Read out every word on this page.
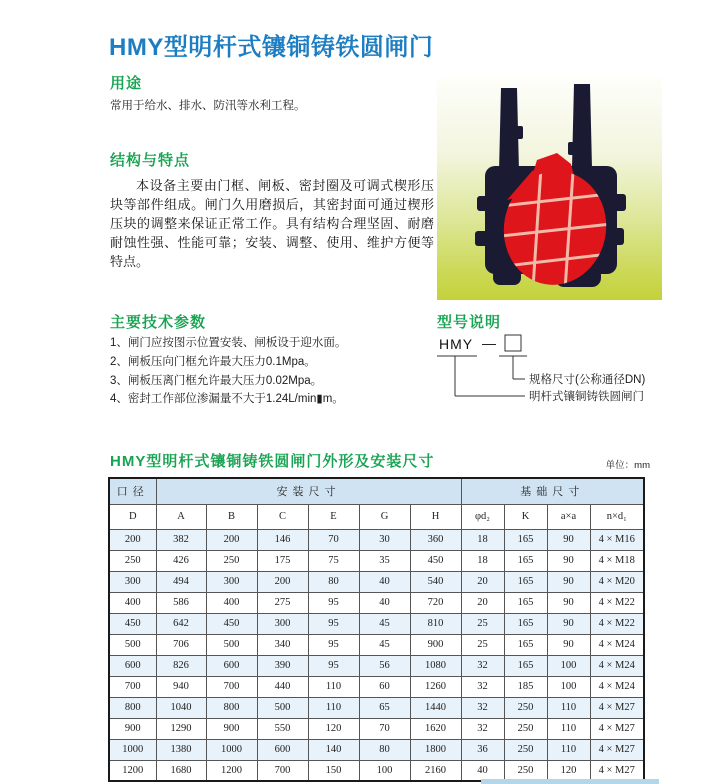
HMY型明杆式镶铜铸铁圆闸门
用途
常用于给水、排水、防汛等水利工程。
结构与特点
本设备主要由门框、闸板、密封圈及可调式楔形压块等部件组成。闸门久用磨损后，其密封面可通过楔形压块的调整来保证正常工作。具有结构合理坚固、耐磨耐蚀性强、性能可靠；安装、调整、使用、维护方便等特点。
主要技术参数
1、闸门应按图示位置安装、闸板设于迎水面。
2、闸板压向门框允许最大压力0.1Mpa。
3、闸板压离门框允许最大压力0.02Mpa。
4、密封工作部位渗漏量不大于1.24L/min▮m。
型号说明
HMY —
规格尺寸(公称通径DN)
明杆式镶铜铸铁圆闸门
HMY型明杆式镶铜铸铁圆闸门外形及安装尺寸	单位：mm
口径	安装尺寸						基础尺寸			
D	A	B	C	E	G	H	φd₂	K	a×a	n×d₁
200	382	200	146	70	30	360	18	165	90	4 × M16
250	426	250	175	75	35	450	18	165	90	4 × M18
300	494	300	200	80	40	540	20	165	90	4 × M20
400	586	400	275	95	40	720	20	165	90	4 × M22
450	642	450	300	95	45	810	25	165	90	4 × M22
500	706	500	340	95	45	900	25	165	90	4 × M24
600	826	600	390	95	56	1080	32	165	100	4 × M24
700	940	700	440	110	60	1260	32	185	100	4 × M24
800	1040	800	500	110	65	1440	32	250	110	4 × M27
900	1290	900	550	120	70	1620	32	250	110	4 × M27
1000	1380	1000	600	140	80	1800	36	250	110	4 × M27
1200	1680	1200	700	150	100	2160	40	250	120	4 × M27
